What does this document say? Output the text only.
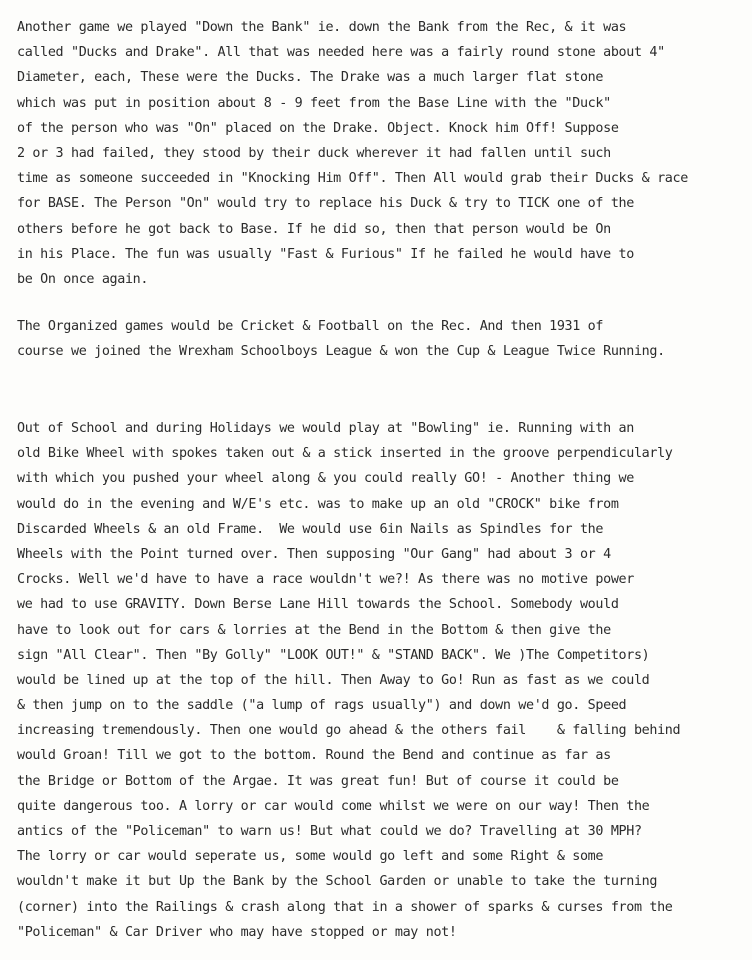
Another game we played "Down the Bank" ie. down the Bank from the Rec, & it was
called "Ducks and Drake". All that was needed here was a fairly round stone about 4"
Diameter, each, These were the Ducks. The Drake was a much larger flat stone
which was put in position about 8 - 9 feet from the Base Line with the "Duck"
of the person who was "On" placed on the Drake. Object. Knock him Off! Suppose
2 or 3 had failed, they stood by their duck wherever it had fallen until such
time as someone succeeded in "Knocking Him Off". Then All would grab their Ducks & race
for BASE. The Person "On" would try to replace his Duck & try to TICK one of the
others before he got back to Base. If he did so, then that person would be On
in his Place. The fun was usually "Fast & Furious" If he failed he would have to
be On once again.
The Organized games would be Cricket & Football on the Rec. And then 1931 of
course we joined the Wrexham Schoolboys League & won the Cup & League Twice Running.
Out of School and during Holidays we would play at "Bowling" ie. Running with an
old Bike Wheel with spokes taken out & a stick inserted in the groove perpendicularly
with which you pushed your wheel along & you could really GO! - Another thing we
would do in the evening and W/E's etc. was to make up an old "CROCK" bike from
Discarded Wheels & an old Frame.  We would use 6in Nails as Spindles for the
Wheels with the Point turned over. Then supposing "Our Gang" had about 3 or 4
Crocks. Well we'd have to have a race wouldn't we?! As there was no motive power
we had to use GRAVITY. Down Berse Lane Hill towards the School. Somebody would
have to look out for cars & lorries at the Bend in the Bottom & then give the
sign "All Clear". Then "By Golly" "LOOK OUT!" & "STAND BACK". We )The Competitors)
would be lined up at the top of the hill. Then Away to Go! Run as fast as we could
& then jump on to the saddle ("a lump of rags usually") and down we'd go. Speed
increasing tremendously. Then one would go ahead & the others fail    & falling behind
would Groan! Till we got to the bottom. Round the Bend and continue as far as
the Bridge or Bottom of the Argae. It was great fun! But of course it could be
quite dangerous too. A lorry or car would come whilst we were on our way! Then the
antics of the "Policeman" to warn us! But what could we do? Travelling at 30 MPH?
The lorry or car would seperate us, some would go left and some Right & some
wouldn't make it but Up the Bank by the School Garden or unable to take the turning
(corner) into the Railings & crash along that in a shower of sparks & curses from the
"Policeman" & Car Driver who may have stopped or may not!
